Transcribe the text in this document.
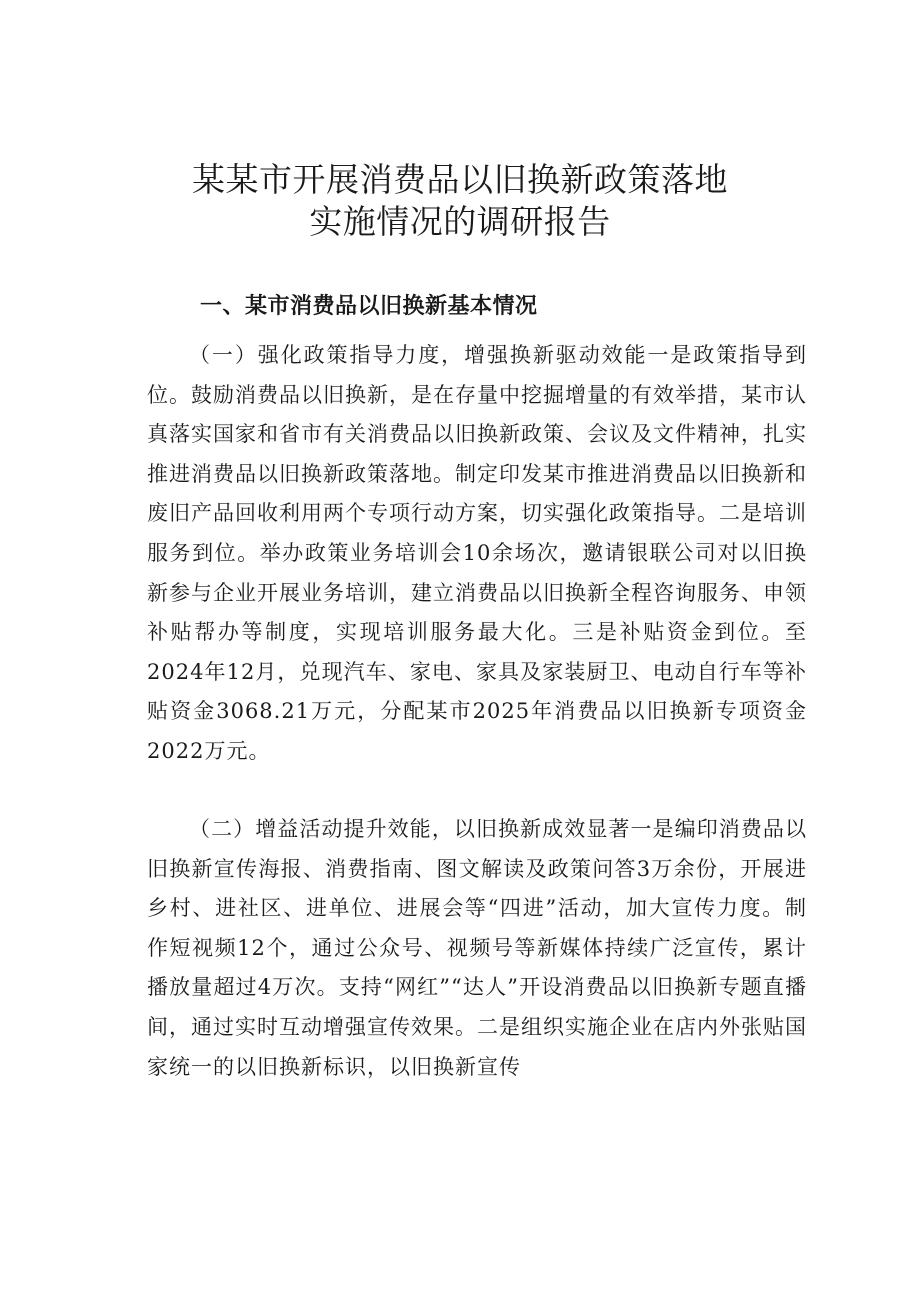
某某市开展消费品以旧换新政策落地
实施情况的调研报告
一、某市消费品以旧换新基本情况

（一）强化政策指导力度，增强换新驱动效能一是政策指导到位。鼓励消费品以旧换新，是在存量中挖掘增量的有效举措，某市认真落实国家和省市有关消费品以旧换新政策、会议及文件精神，扎实推进消费品以旧换新政策落地。制定印发某市推进消费品以旧换新和废旧产品回收利用两个专项行动方案，切实强化政策指导。二是培训服务到位。举办政策业务培训会10余场次，邀请银联公司对以旧换新参与企业开展业务培训，建立消费品以旧换新全程咨询服务、申领补贴帮办等制度，实现培训服务最大化。三是补贴资金到位。至2024年12月，兑现汽车、家电、家具及家装厨卫、电动自行车等补贴资金3068.21万元，分配某市2025年消费品以旧换新专项资金2022万元。

（二）增益活动提升效能，以旧换新成效显著一是编印消费品以旧换新宣传海报、消费指南、图文解读及政策问答3万余份，开展进乡村、进社区、进单位、进展会等“四进”活动，加大宣传力度。制作短视频12个，通过公众号、视频号等新媒体持续广泛宣传，累计播放量超过4万次。支持“网红”“达人”开设消费品以旧换新专题直播间，通过实时互动增强宣传效果。二是组织实施企业在店内外张贴国家统一的以旧换新标识，以旧换新宣传
